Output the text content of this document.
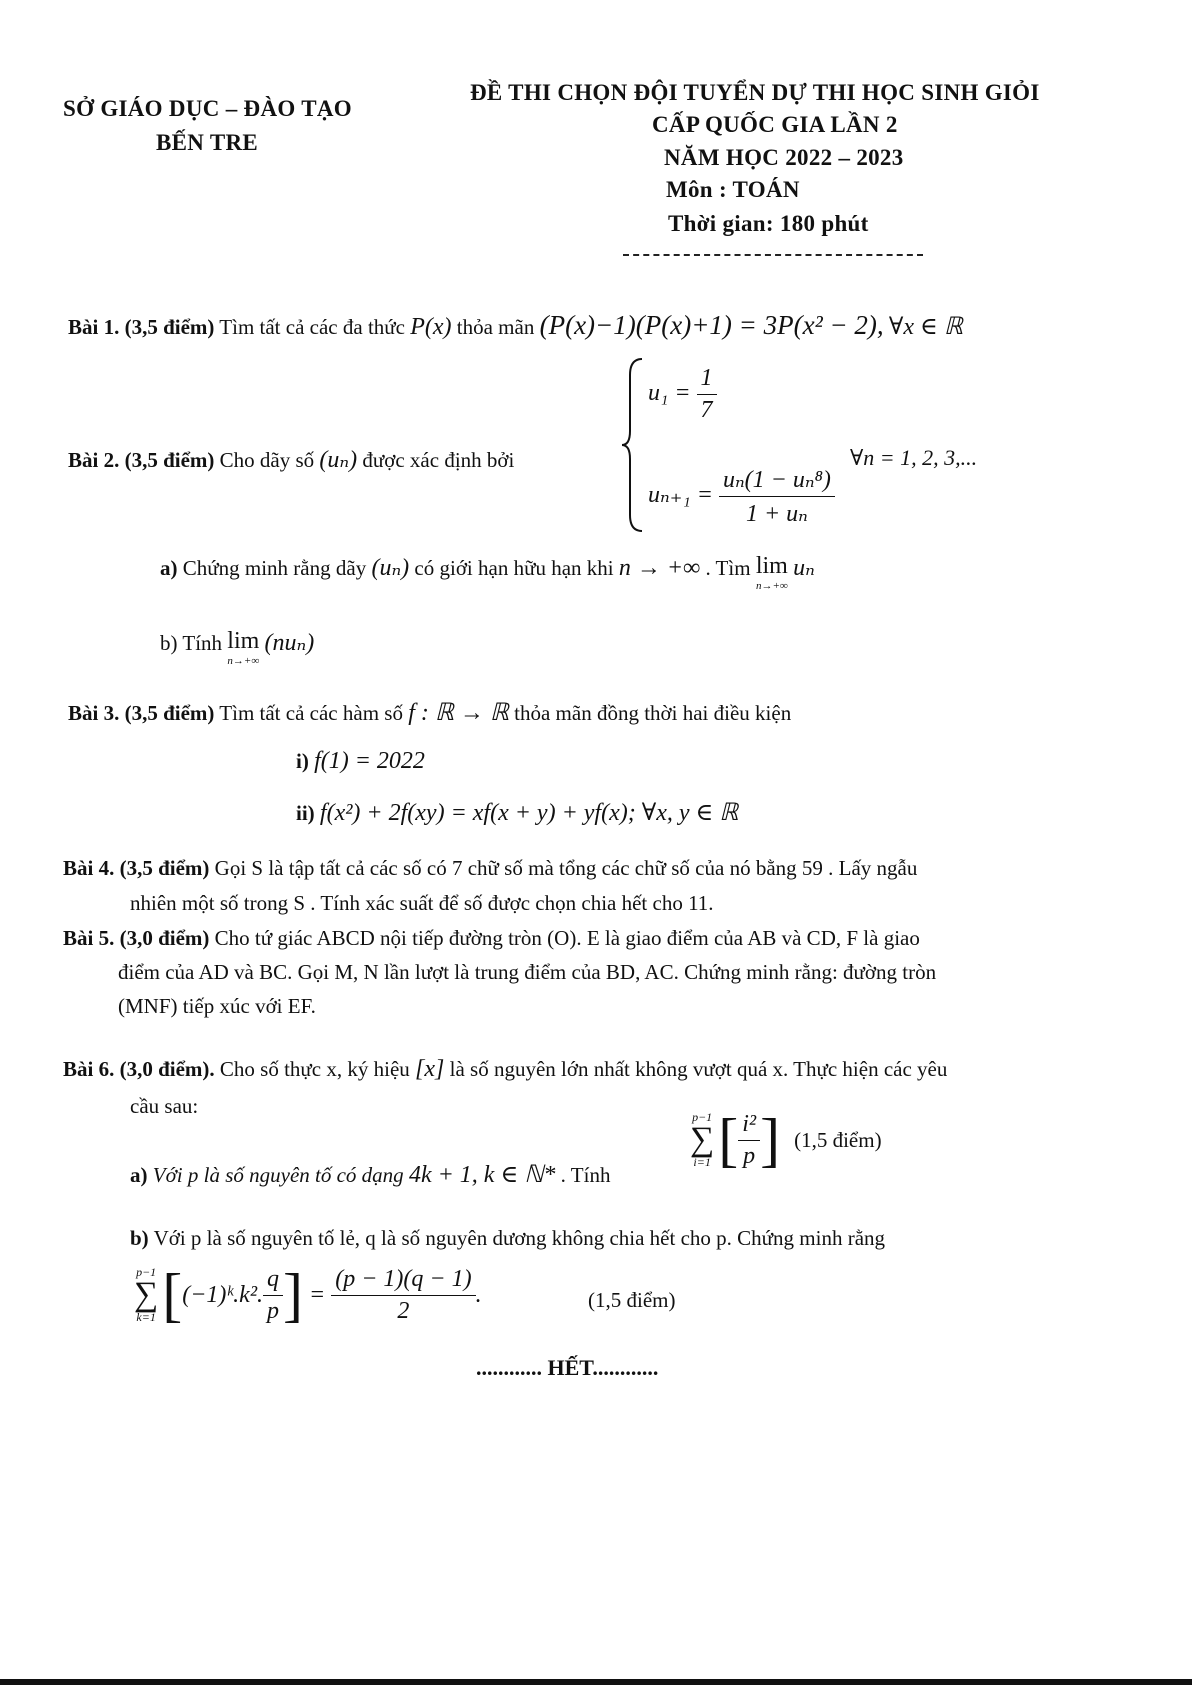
SỞ GIÁO DỤC – ĐÀO TẠO
BẾN TRE
ĐỀ THI CHỌN ĐỘI TUYỂN DỰ THI HỌC SINH GIỎI
CẤP QUỐC GIA LẦN 2
NĂM HỌC 2022 – 2023
Môn : TOÁN
Thời gian: 180 phút
Bài 1. (3,5 điểm) Tìm tất cả các đa thức P(x) thỏa mãn (P(x)−1)(P(x)+1) = 3P(x² − 2), ∀x ∈ ℝ
Bài 2. (3,5 điểm) Cho dãy số (uₙ) được xác định bởi
$u_1 = \frac{1}{7}$
$u_{n+1} = \frac{\text{uₙ(1 − uₙ⁸)}}{\text{1 + uₙ}}$
∀n = 1, 2, 3,...
a) Chứng minh rằng dãy (uₙ) có giới hạn hữu hạn khi n → +∞ . Tìm lim
n→+∞
uₙ
b) Tính lim
n→+∞
(nuₙ)
Bài 3. (3,5 điểm) Tìm tất cả các hàm số f : ℝ → ℝ thỏa mãn đồng thời hai điều kiện
i) f(1) = 2022
ii) f(x²) + 2f(xy) = xf(x + y) + yf(x); ∀x, y ∈ ℝ
Bài 4. (3,5 điểm) Gọi S là tập tất cả các số có 7 chữ số mà tổng các chữ số của nó bằng 59 . Lấy ngẫu
nhiên một số trong S . Tính xác suất để số được chọn chia hết cho 11.
Bài 5. (3,0 điểm) Cho tứ giác ABCD nội tiếp đường tròn (O). E là giao điểm của AB và CD, F là giao
điểm của AD và BC. Gọi M, N lần lượt là trung điểm của BD, AC. Chứng minh rằng: đường tròn
(MNF) tiếp xúc với EF.
Bài 6. (3,0 điểm). Cho số thực x, ký hiệu [x] là số nguyên lớn nhất không vượt quá x. Thực hiện các yêu
cầu sau:
a) Với p là số nguyên tố có dạng 4k + 1, k ∈ ℕ* . Tính
p−1
∑
i=1 [ $\frac{\text{i²}}{p}$ ] (1,5 điểm)
b) Với p là số nguyên tố lẻ, q là số nguyên dương không chia hết cho p. Chứng minh rằng
p−1
∑
k=1 [ (−1)ᵏ.k². $\frac{q}{p}$ ] = $\frac{(p - 1)(q - 1)}{2}$ .	(1,5 điểm)
............ HẾT............
